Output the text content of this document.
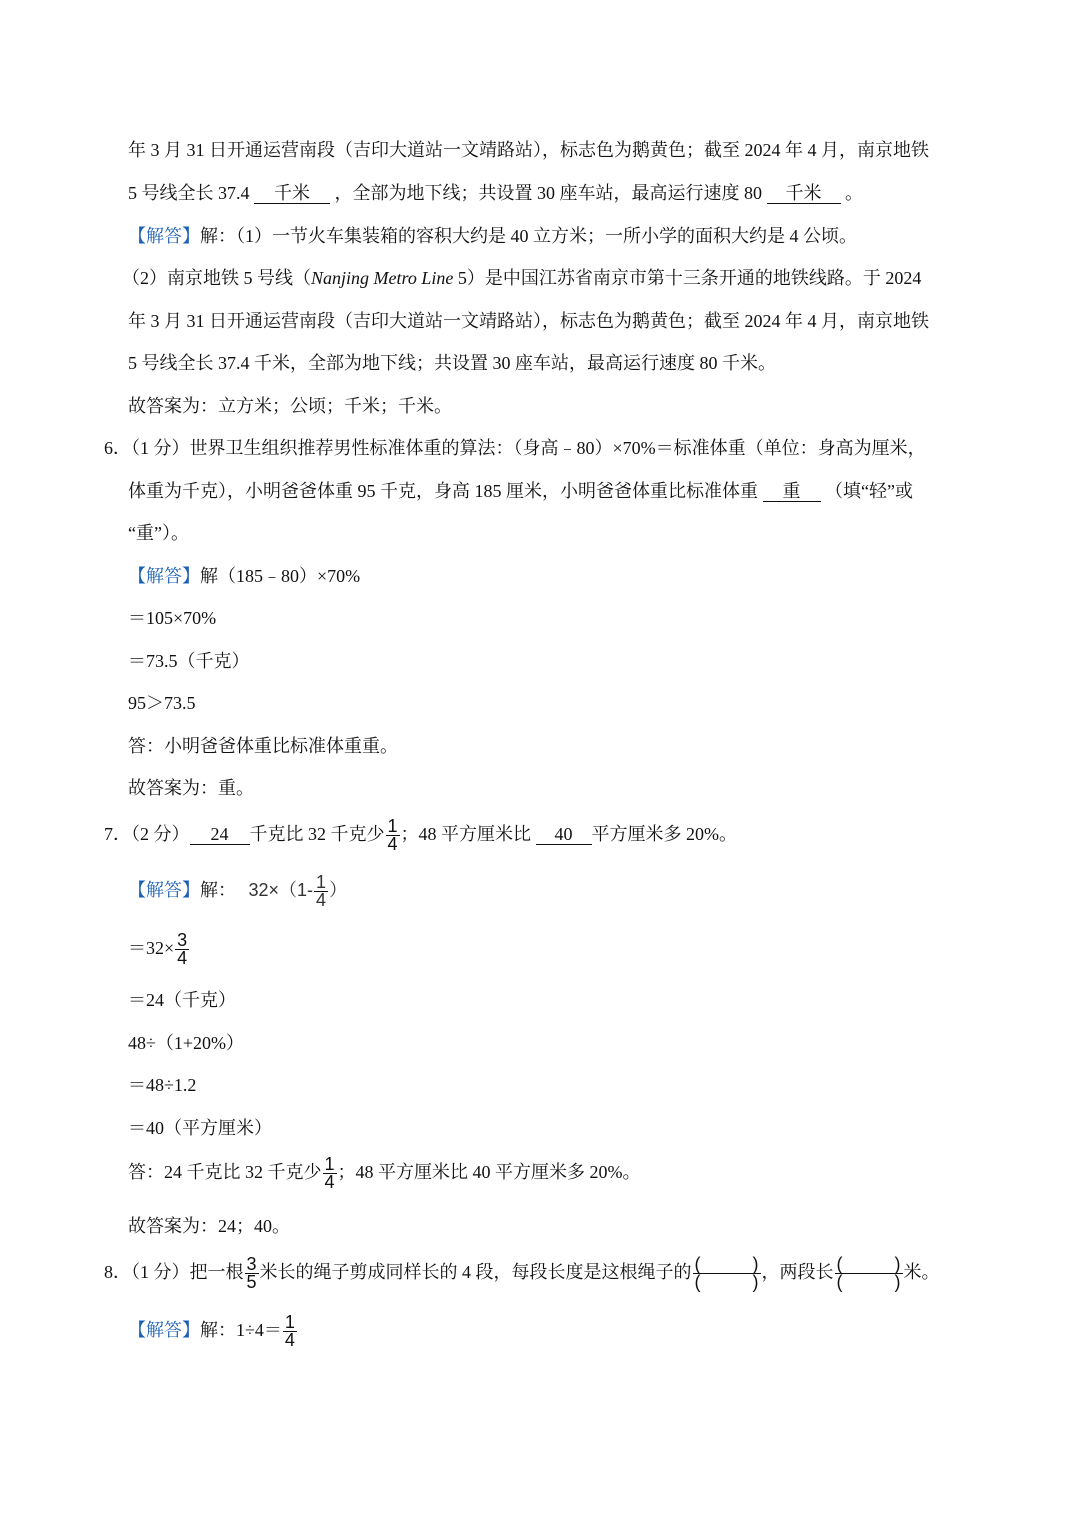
年 3 月 31 日开通运营南段（吉印大道站一文靖路站），标志色为鹅黄色；截至 2024 年 4 月，南京地铁
5 号线全长 37.4 千米 ，全部为地下线；共设置 30 座车站，最高运行速度 80 千米 。
【解答】解：（1）一节火车集装箱的容积大约是 40 立方米；一所小学的面积大约是 4 公顷。
（2）南京地铁 5 号线（Nanjing Metro Line 5）是中国江苏省南京市第十三条开通的地铁线路。于 2024
年 3 月 31 日开通运营南段（吉印大道站一文靖路站），标志色为鹅黄色；截至 2024 年 4 月，南京地铁
5 号线全长 37.4 千米，全部为地下线；共设置 30 座车站，最高运行速度 80 千米。
故答案为：立方米；公顷；千米；千米。
6．（1 分）世界卫生组织推荐男性标准体重的算法：（身高﹣80）×70%＝标准体重（单位：身高为厘米，
体重为千克），小明爸爸体重 95 千克，身高 185 厘米，小明爸爸体重比标准体重 重 （填“轻”或
“重”）。
【解答】解（185﹣80）×70%
＝105×70%
＝73.5（千克）
95＞73.5
答：小明爸爸体重比标准体重重。
故答案为：重。
7．（2 分） 24 千克比 32 千克少 $\frac{1}{4}$ ；48 平方厘米比 40 平方厘米多 20%。
【解答】解： $32\times(1- \frac{1}{4}$ ）
$=32\times \frac{3}{4}$
＝24（千克）
48÷（1+20%）
＝48÷1.2
＝40（平方厘米）
答：24 千克比 32 千克少 $\frac{1}{4}$ ；48 平方厘米比 40 平方厘米多 20%。
故答案为：24；40。
8．（1 分）把一根 $\frac{3}{5}$ 米长的绳子剪成同样长的 4 段，每段长度是这根绳子的 (	)
(	) ，两段长 (	)
(	) 米。
【解答】解：$1\div 4= \frac{1}{4}$
